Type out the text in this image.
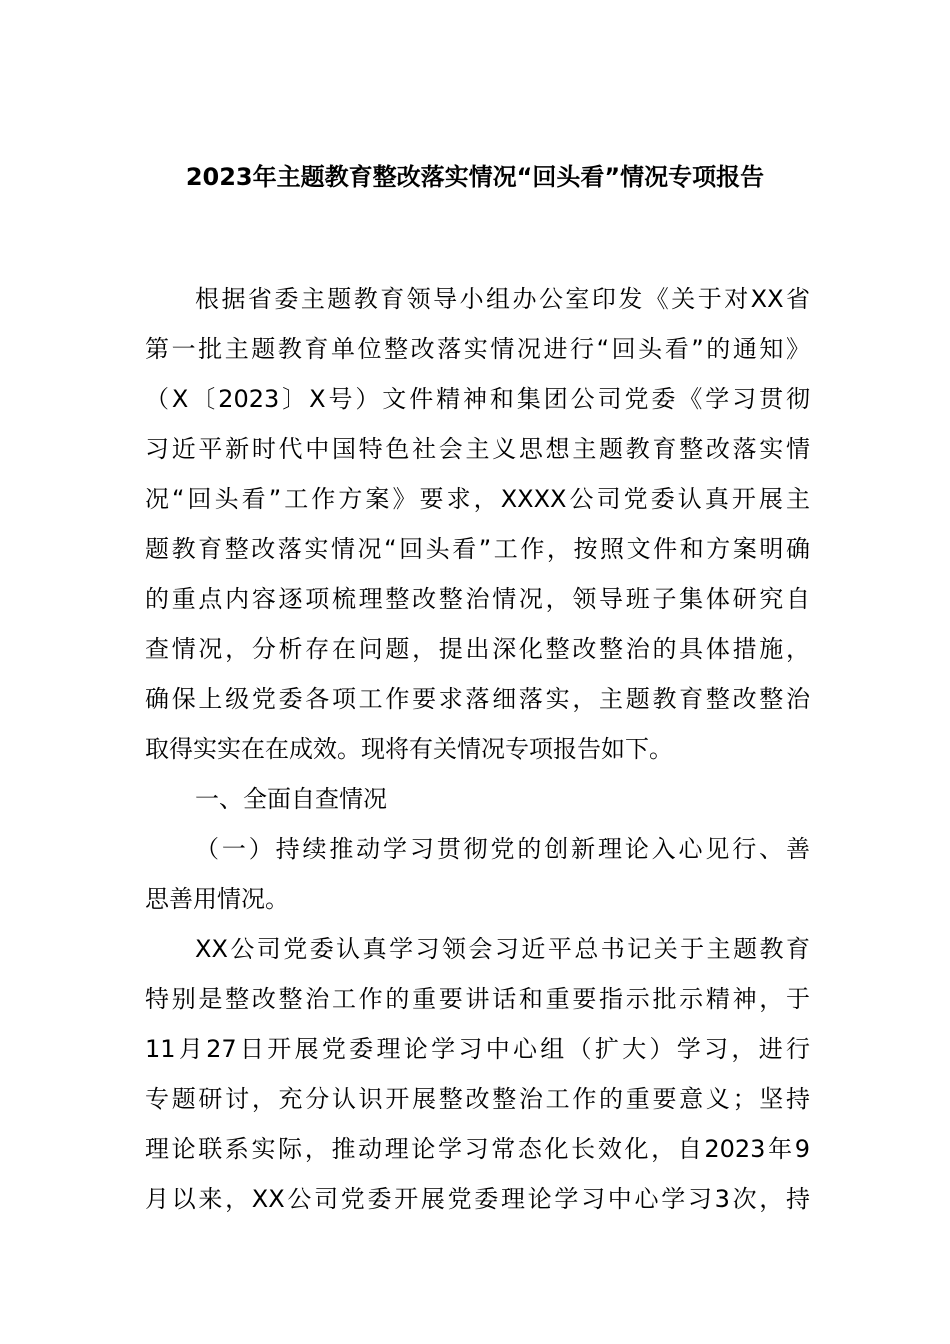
2023年主题教育整改落实情况“回头看”情况专项报告
根据省委主题教育领导小组办公室印发《关于对XX省
第一批主题教育单位整改落实情况进行“回头看”的通知》
（X〔2023〕X号）文件精神和集团公司党委《学习贯彻
习近平新时代中国特色社会主义思想主题教育整改落实情
况“回头看”工作方案》要求，XXXX公司党委认真开展主
题教育整改落实情况“回头看”工作，按照文件和方案明确
的重点内容逐项梳理整改整治情况，领导班子集体研究自
查情况，分析存在问题，提出深化整改整治的具体措施，
确保上级党委各项工作要求落细落实，主题教育整改整治
取得实实在在成效。现将有关情况专项报告如下。
一、全面自查情况
（一）持续推动学习贯彻党的创新理论入心见行、善
思善用情况。
XX公司党委认真学习领会习近平总书记关于主题教育
特别是整改整治工作的重要讲话和重要指示批示精神，于
11月27日开展党委理论学习中心组（扩大）学习，进行
专题研讨，充分认识开展整改整治工作的重要意义；坚持
理论联系实际，推动理论学习常态化长效化，自2023年9
月以来，XX公司党委开展党委理论学习中心学习3次，持
